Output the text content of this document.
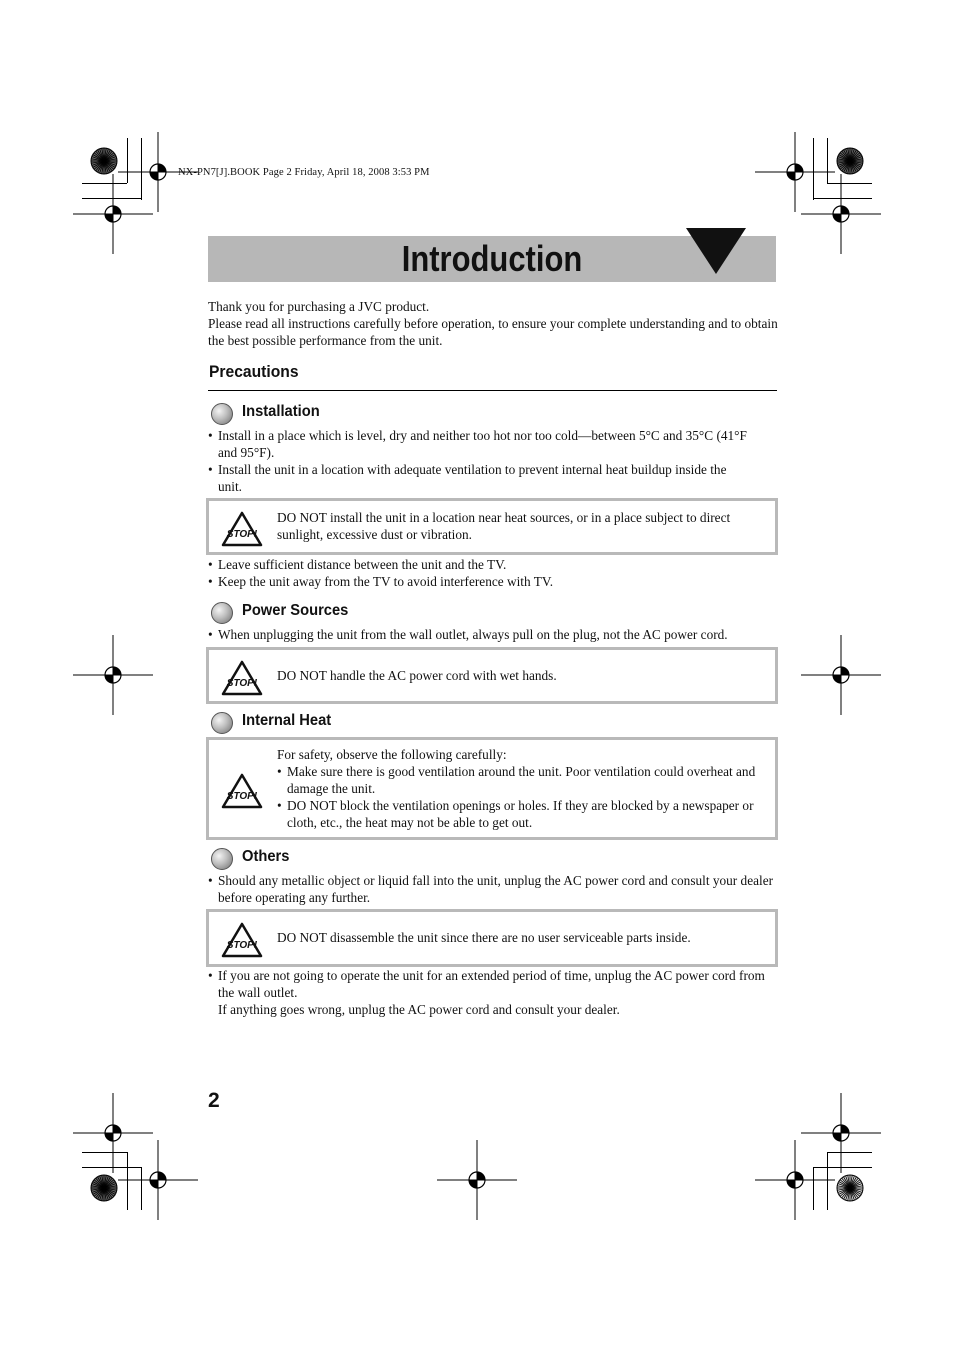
NX-PN7[J].BOOK Page 2 Friday, April 18, 2008 3:53 PM
Introduction

Thank you for purchasing a JVC product.

Please read all instructions carefully before operation, to ensure your complete understanding and to obtain the best possible performance from the unit.

Precautions
Installation
• Install in a place which is level, dry and neither too hot nor too cold—between 5°C and 35°C (41°F
and 95°F).
• Install the unit in a location with adequate ventilation to prevent internal heat buildup inside the
unit.
STOP!
DO NOT install the unit in a location near heat sources, or in a place subject to direct sunlight, excessive dust or vibration.
• Leave sufficient distance between the unit and the TV.
• Keep the unit away from the TV to avoid interference with TV.
Power Sources
• When unplugging the unit from the wall outlet, always pull on the plug, not the AC power cord.
STOP!
DO NOT handle the AC power cord with wet hands.
Internal Heat
STOP!
For safety, observe the following carefully:
• Make sure there is good ventilation around the unit. Poor ventilation could overheat and damage the unit.
• DO NOT block the ventilation openings or holes. If they are blocked by a newspaper or cloth, etc., the heat may not be able to get out.
Others
• Should any metallic object or liquid fall into the unit, unplug the AC power cord and consult your dealer before operating any further.
STOP!
DO NOT disassemble the unit since there are no user serviceable parts inside.
• If you are not going to operate the unit for an extended period of time, unplug the AC power cord from the wall outlet.
If anything goes wrong, unplug the AC power cord and consult your dealer.
2
